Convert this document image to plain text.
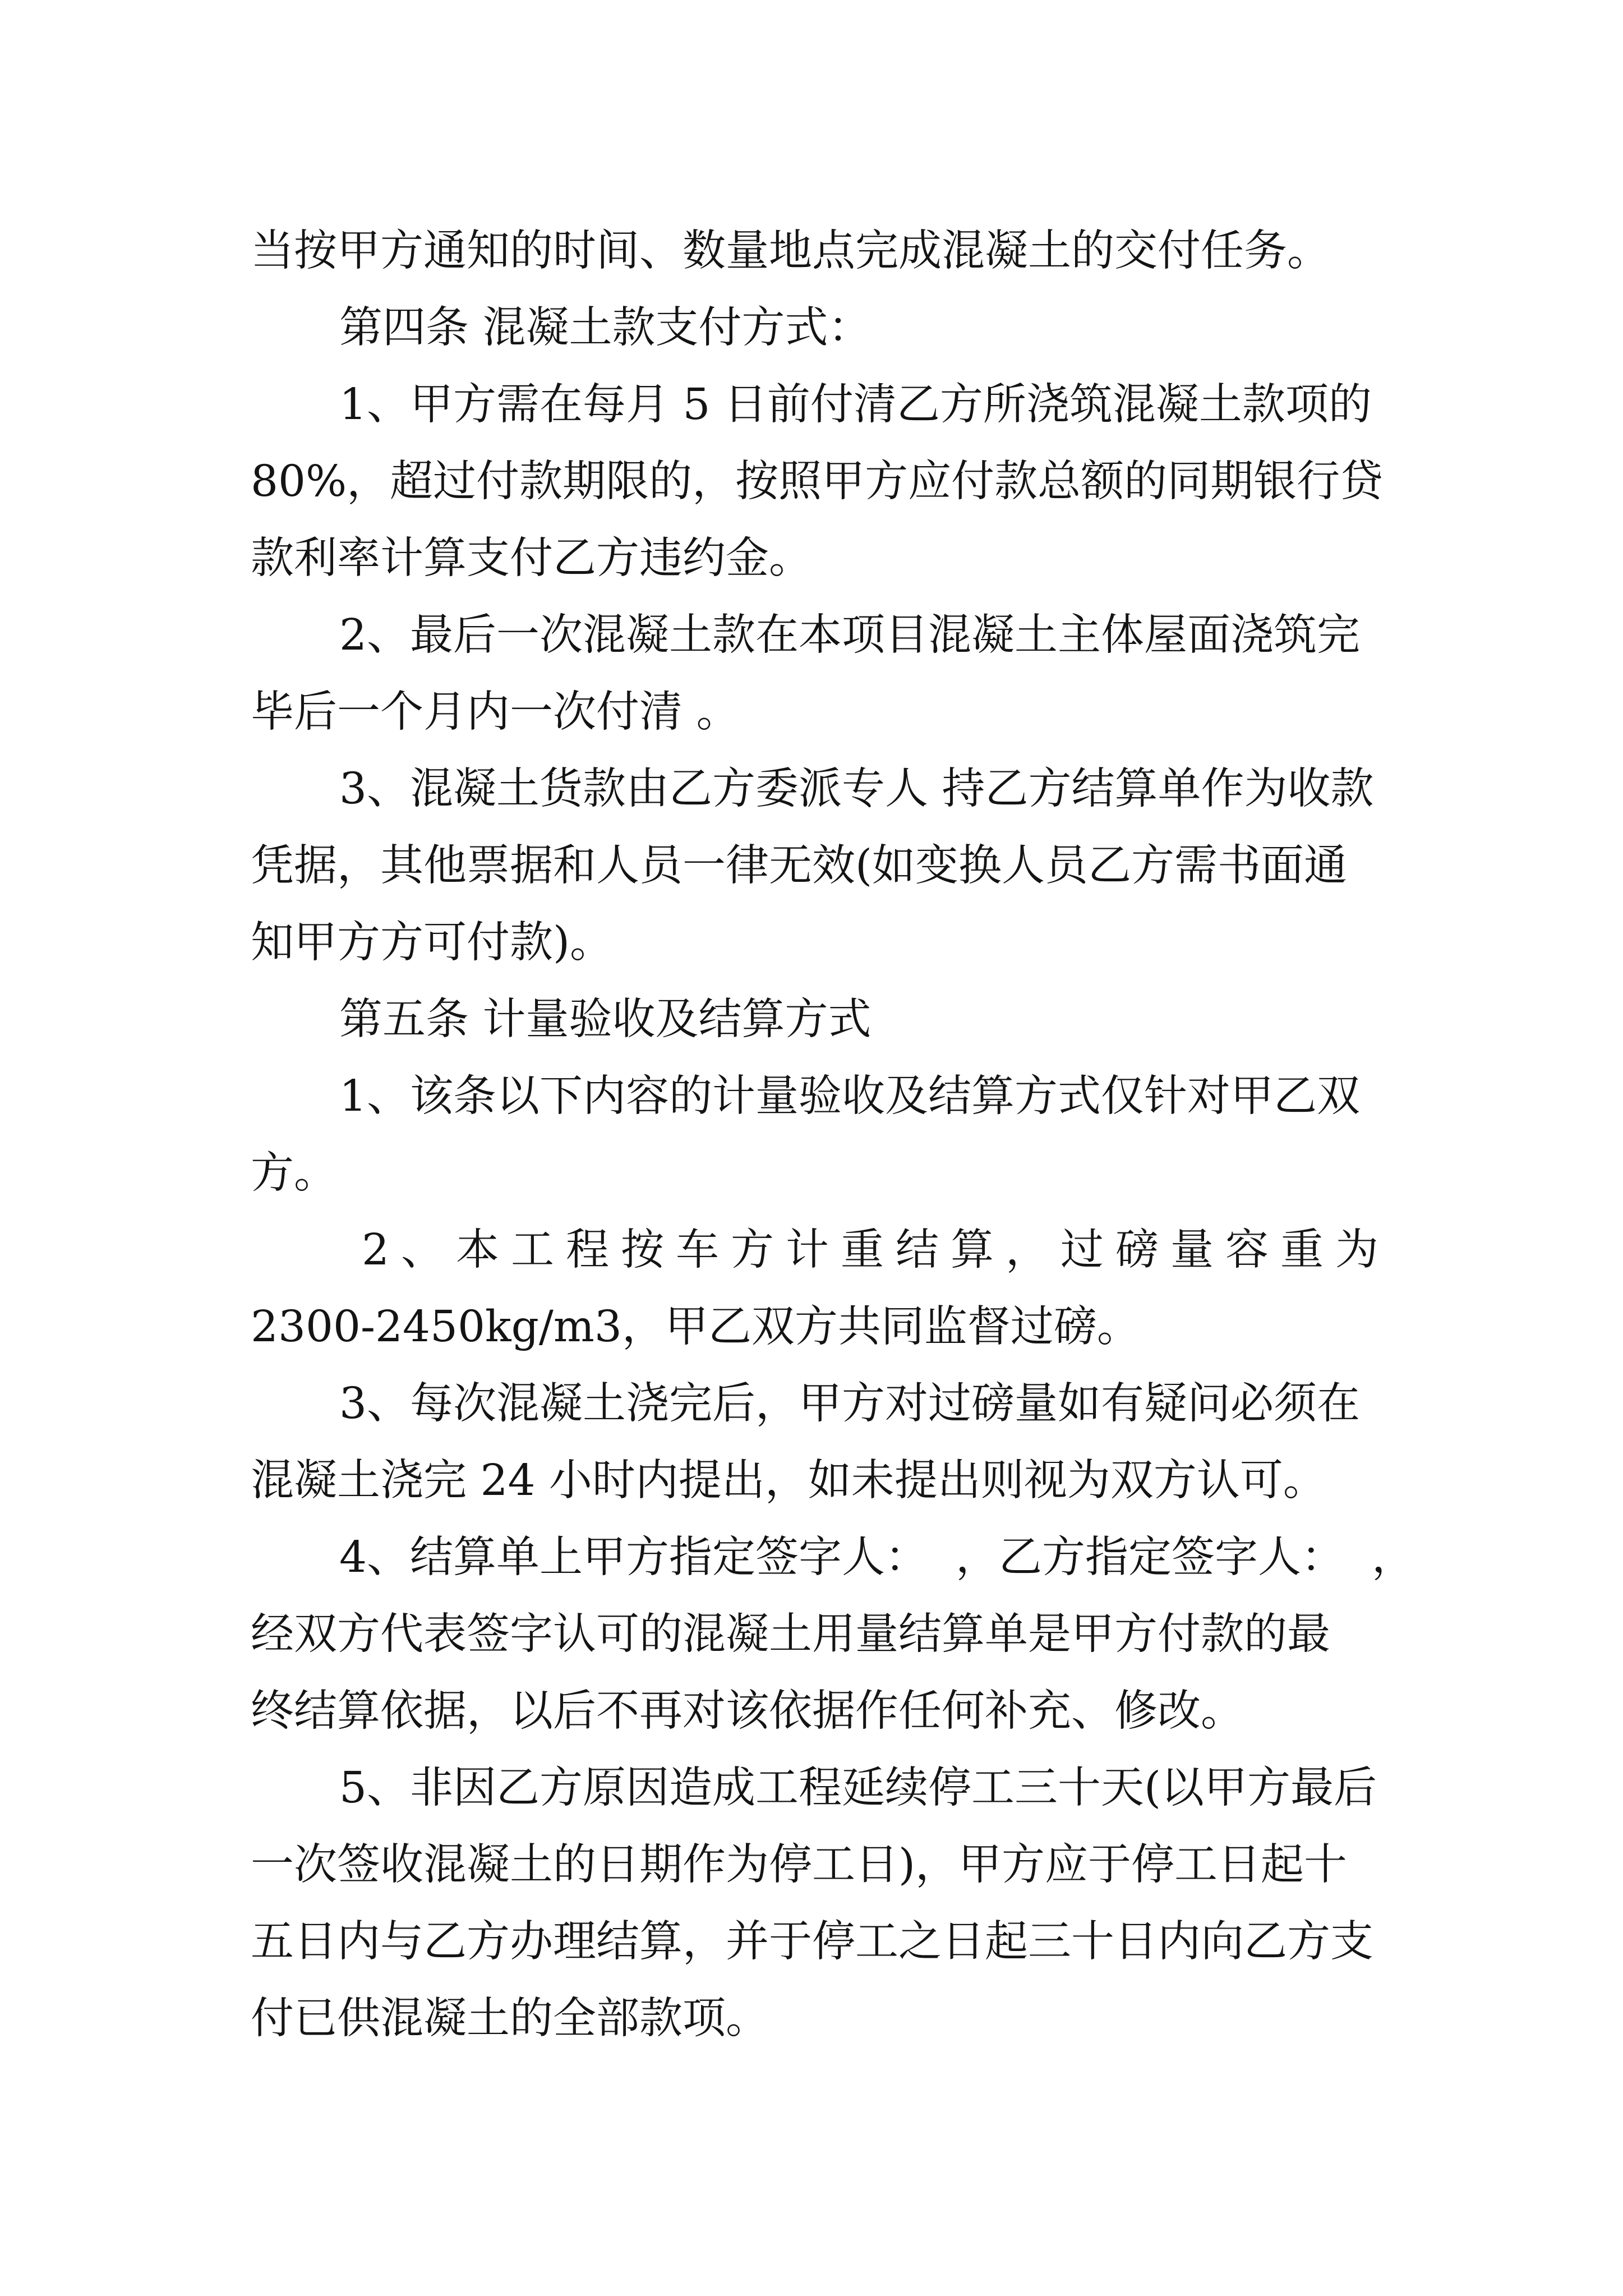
当按甲方通知的时间、数量地点完成混凝土的交付任务。
第四条 混凝土款支付方式：
1、甲方需在每月 5 日前付清乙方所浇筑混凝土款项的
80%，超过付款期限的，按照甲方应付款总额的同期银行贷
款利率计算支付乙方违约金。
2、最后一次混凝土款在本项目混凝土主体屋面浇筑完
毕后一个月内一次付清 。
3、混凝土货款由乙方委派专人 持乙方结算单作为收款
凭据，其他票据和人员一律无效(如变换人员乙方需书面通
知甲方方可付款)。
第五条 计量验收及结算方式
1、该条以下内容的计量验收及结算方式仅针对甲乙双
方。
2、本工程按车方计重结算，过磅量容重为
2300-2450kg/m3，甲乙双方共同监督过磅。
3、每次混凝土浇完后，甲方对过磅量如有疑问必须在
混凝土浇完 24 小时内提出，如未提出则视为双方认可。
4、结算单上甲方指定签字人：  ，乙方指定签字人：  ，
经双方代表签字认可的混凝土用量结算单是甲方付款的最
终结算依据，以后不再对该依据作任何补充、修改。
5、非因乙方原因造成工程延续停工三十天(以甲方最后
一次签收混凝土的日期作为停工日)，甲方应于停工日起十
五日内与乙方办理结算，并于停工之日起三十日内向乙方支
付已供混凝土的全部款项。
